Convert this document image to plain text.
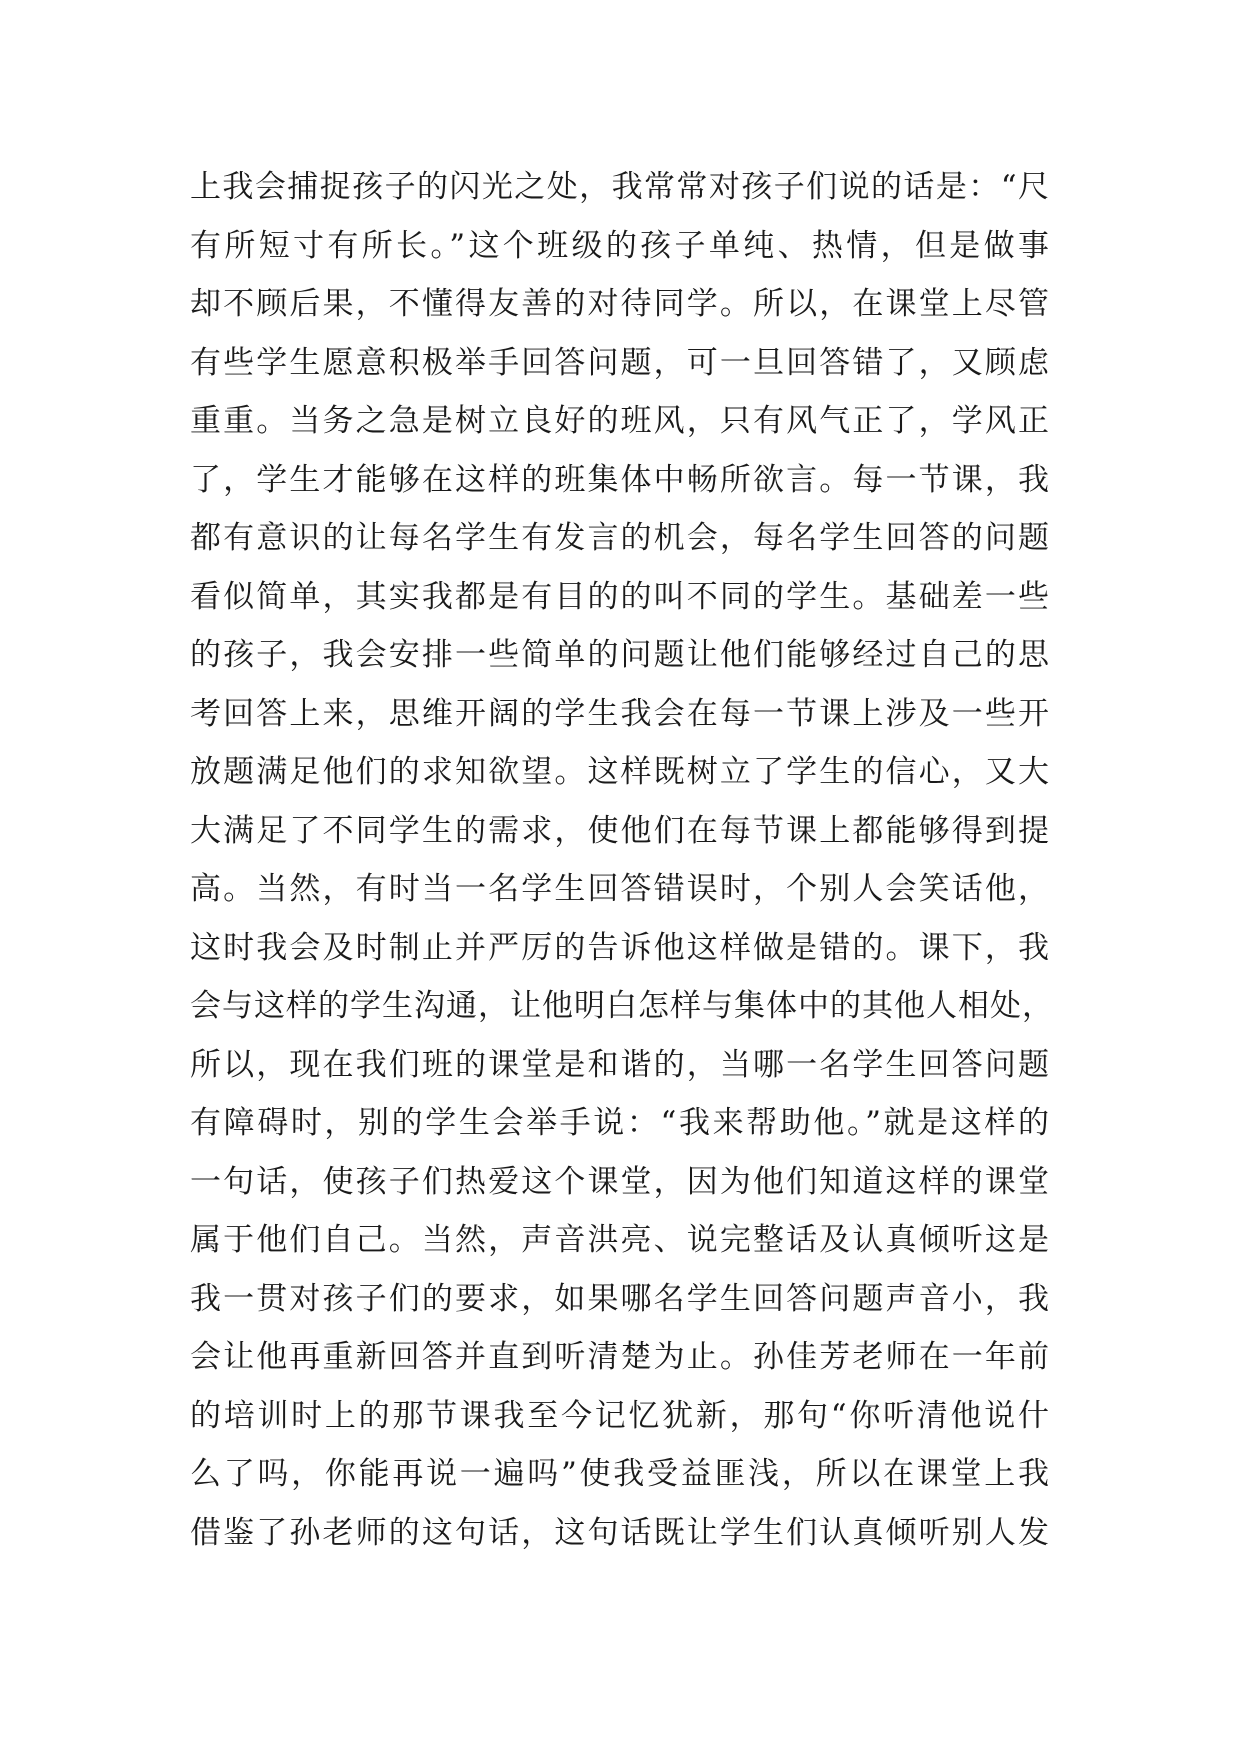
上我会捕捉孩子的闪光之处，我常常对孩子们说的话是：“尺
有所短寸有所长。”这个班级的孩子单纯、热情，但是做事
却不顾后果，不懂得友善的对待同学。所以，在课堂上尽管
有些学生愿意积极举手回答问题，可一旦回答错了，又顾虑
重重。当务之急是树立良好的班风，只有风气正了，学风正
了，学生才能够在这样的班集体中畅所欲言。每一节课，我
都有意识的让每名学生有发言的机会，每名学生回答的问题
看似简单，其实我都是有目的的叫不同的学生。基础差一些
的孩子，我会安排一些简单的问题让他们能够经过自己的思
考回答上来，思维开阔的学生我会在每一节课上涉及一些开
放题满足他们的求知欲望。这样既树立了学生的信心，又大
大满足了不同学生的需求，使他们在每节课上都能够得到提
高。当然，有时当一名学生回答错误时，个别人会笑话他，
这时我会及时制止并严厉的告诉他这样做是错的。课下，我
会与这样的学生沟通，让他明白怎样与集体中的其他人相处，
所以，现在我们班的课堂是和谐的，当哪一名学生回答问题
有障碍时，别的学生会举手说：“我来帮助他。”就是这样的
一句话，使孩子们热爱这个课堂，因为他们知道这样的课堂
属于他们自己。当然，声音洪亮、说完整话及认真倾听这是
我一贯对孩子们的要求，如果哪名学生回答问题声音小，我
会让他再重新回答并直到听清楚为止。孙佳芳老师在一年前
的培训时上的那节课我至今记忆犹新，那句“你听清他说什
么了吗，你能再说一遍吗”使我受益匪浅，所以在课堂上我
借鉴了孙老师的这句话，这句话既让学生们认真倾听别人发
